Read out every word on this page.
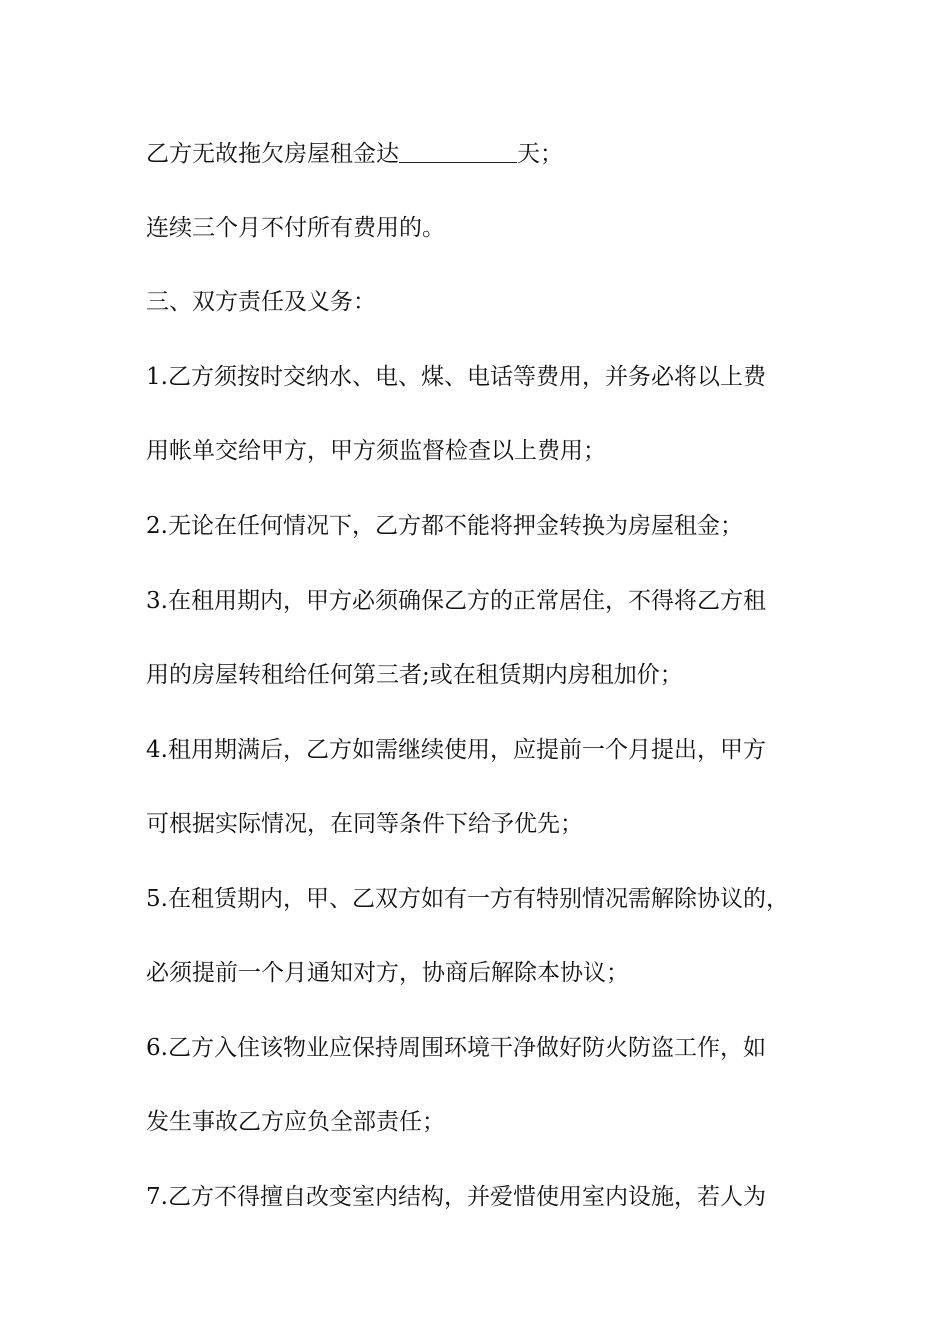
乙方无故拖欠房屋租金达	天；
连续三个月不付所有费用的。
三、双方责任及义务：
1.乙方须按时交纳水、电、煤、电话等费用，并务必将以上费
用帐单交给甲方，甲方须监督检查以上费用；
2.无论在任何情况下，乙方都不能将押金转换为房屋租金；
3.在租用期内，甲方必须确保乙方的正常居住，不得将乙方租
用的房屋转租给任何第三者;或在租赁期内房租加价；
4.租用期满后，乙方如需继续使用，应提前一个月提出，甲方
可根据实际情况，在同等条件下给予优先；
5.在租赁期内，甲、乙双方如有一方有特别情况需解除协议的，
必须提前一个月通知对方，协商后解除本协议；
6.乙方入住该物业应保持周围环境干净做好防火防盗工作，如
发生事故乙方应负全部责任；
7.乙方不得擅自改变室内结构，并爱惜使用室内设施，若人为
